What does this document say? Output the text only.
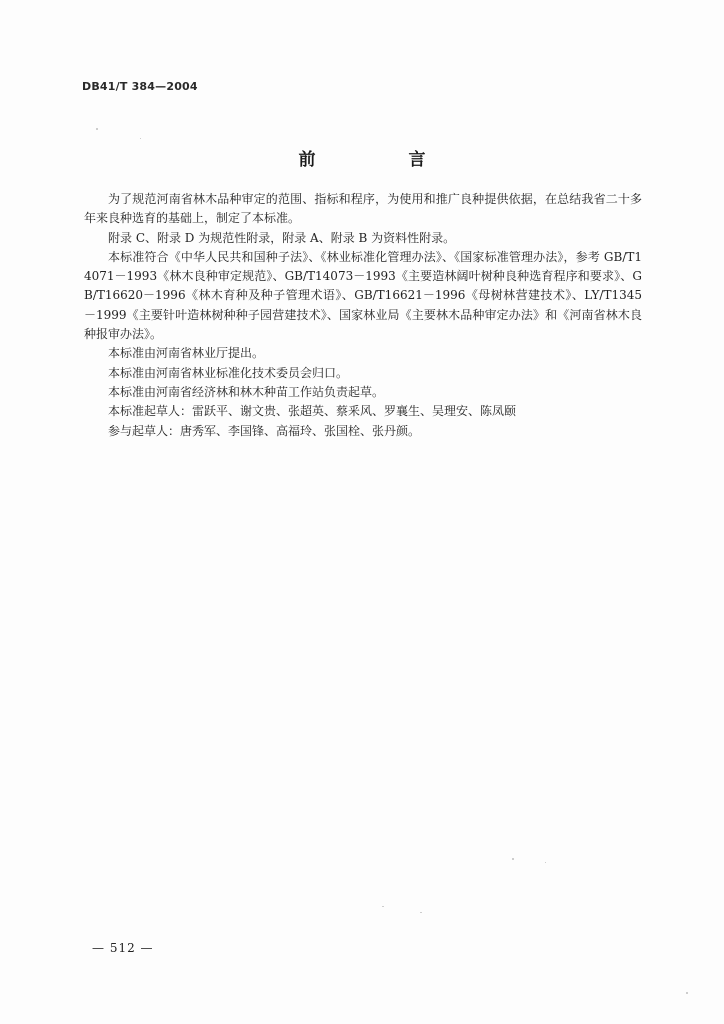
DB41/T 384—2004
前　言

为了规范河南省林木品种审定的范围、指标和程序，为使用和推广良种提供依据，在总结我省二十多年来良种选育的基础上，制定了本标准。

附录 C、附录 D 为规范性附录，附录 A、附录 B 为资料性附录。

本标准符合《中华人民共和国种子法》、《林业标准化管理办法》、《国家标准管理办法》，参考 GB/T14071－1993《林木良种审定规范》、GB/T14073－1993《主要造林阔叶树种良种选育程序和要求》、GB/T16620－1996《林木育种及种子管理术语》、GB/T16621－1996《母树林营建技术》、LY/T1345－1999《主要针叶造林树种种子园营建技术》、国家林业局《主要林木品种审定办法》和《河南省林木良种报审办法》。

本标准由河南省林业厅提出。

本标准由河南省林业标准化技术委员会归口。

本标准由河南省经济林和林木种苗工作站负责起草。

本标准起草人：雷跃平、谢文贵、张超英、蔡釆风、罗襄生、吴理安、陈凤颐

参与起草人：唐秀军、李国锋、高福玲、张国栓、张丹颜。

— 512 —
